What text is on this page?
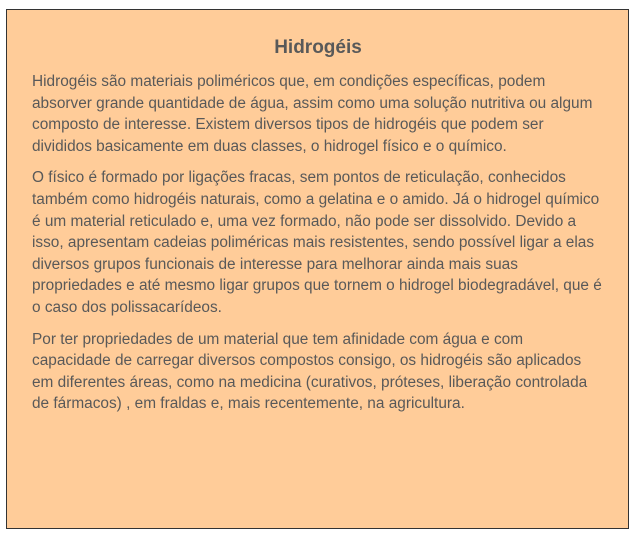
Hidrogéis

Hidrogéis são materiais poliméricos que, em condições específicas, podem absorver grande quantidade de água, assim como uma solução nutritiva ou algum composto de interesse. Existem diversos tipos de hidrogéis que podem ser divididos basicamente em duas classes, o hidrogel físico e o químico.

O físico é formado por ligações fracas, sem pontos de reticulação, conhecidos também como hidrogéis naturais, como a gelatina e o amido. Já o hidrogel químico é um material reticulado e, uma vez formado, não pode ser dissolvido. Devido a isso, apresentam cadeias poliméricas mais resistentes, sendo possível ligar a elas diversos grupos funcionais de interesse para melhorar ainda mais suas propriedades e até mesmo ligar grupos que tornem o hidrogel biodegradável, que é o caso dos polissacarídeos.

Por ter propriedades de um material que tem afinidade com água e com capacidade de carregar diversos compostos consigo, os hidrogéis são aplicados em diferentes áreas, como na medicina (curativos, próteses, liberação controlada de fármacos) , em fraldas e, mais recentemente, na agricultura.
